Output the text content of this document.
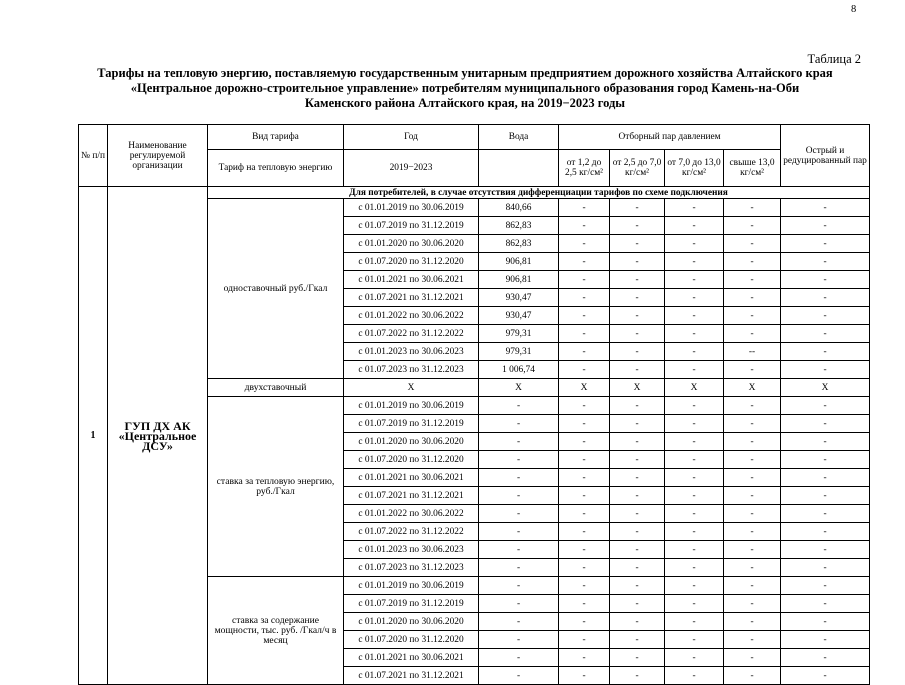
8
Таблица 2
Тарифы на тепловую энергию, поставляемую государственным унитарным предприятием дорожного хозяйства Алтайского края
«Центральное дорожно-строительное управление» потребителям муниципального образования город Камень-на-Оби
Каменского района Алтайского края, на 2019−2023 годы
№ п/п	Наименование регулируемой организации	Вид тарифа	Год	Вода	Отборный пар давлением				Острый и редуцированный пар
		Тариф на тепловую энергию	2019−2023		от 1,2 до 2,5 кг/см²	от 2,5 до 7,0 кг/см²	от 7,0 до 13,0 кг/см²	свыше 13,0 кг/см²	
1	ГУП ДХ АК «Центральное ДСУ»	Для потребителей, в случае отсутствия дифференциации тарифов по схеме подключения							
		одноставочный руб./Гкал	с 01.01.2019 по 30.06.2019	840,66	-	-	-	-	-
			с 01.07.2019 по 31.12.2019	862,83	-	-	-	-	-
			с 01.01.2020 по 30.06.2020	862,83	-	-	-	-	-
			с 01.07.2020 по 31.12.2020	906,81	-	-	-	-	-
			с 01.01.2021 по 30.06.2021	906,81	-	-	-	-	-
			с 01.07.2021 по 31.12.2021	930,47	-	-	-	-	-
			с 01.01.2022 по 30.06.2022	930,47	-	-	-	-	-
			с 01.07.2022 по 31.12.2022	979,31	-	-	-	-	-
			с 01.01.2023 по 30.06.2023	979,31	-	-	-	--	-
			с 01.07.2023 по 31.12.2023	1 006,74	-	-	-	-	-
		двухставочный	X	X	X	X	X	X	X
		ставка за тепловую энергию, руб./Гкал	с 01.01.2019 по 30.06.2019	-	-	-	-	-	-
			с 01.07.2019 по 31.12.2019	-	-	-	-	-	-
			с 01.01.2020 по 30.06.2020	-	-	-	-	-	-
			с 01.07.2020 по 31.12.2020	-	-	-	-	-	-
			с 01.01.2021 по 30.06.2021	-	-	-	-	-	-
			с 01.07.2021 по 31.12.2021	-	-	-	-	-	-
			с 01.01.2022 по 30.06.2022	-	-	-	-	-	-
			с 01.07.2022 по 31.12.2022	-	-	-	-	-	-
			с 01.01.2023 по 30.06.2023	-	-	-	-	-	-
			с 01.07.2023 по 31.12.2023	-	-	-	-	-	-
		ставка за содержание мощности, тыс. руб. /Гкал/ч в месяц	с 01.01.2019 по 30.06.2019	-	-	-	-	-	-
			с 01.07.2019 по 31.12.2019	-	-	-	-	-	-
			с 01.01.2020 по 30.06.2020	-	-	-	-	-	-
			с 01.07.2020 по 31.12.2020	-	-	-	-	-	-
			с 01.01.2021 по 30.06.2021	-	-	-	-	-	-
			с 01.07.2021 по 31.12.2021	-	-	-	-	-	-
